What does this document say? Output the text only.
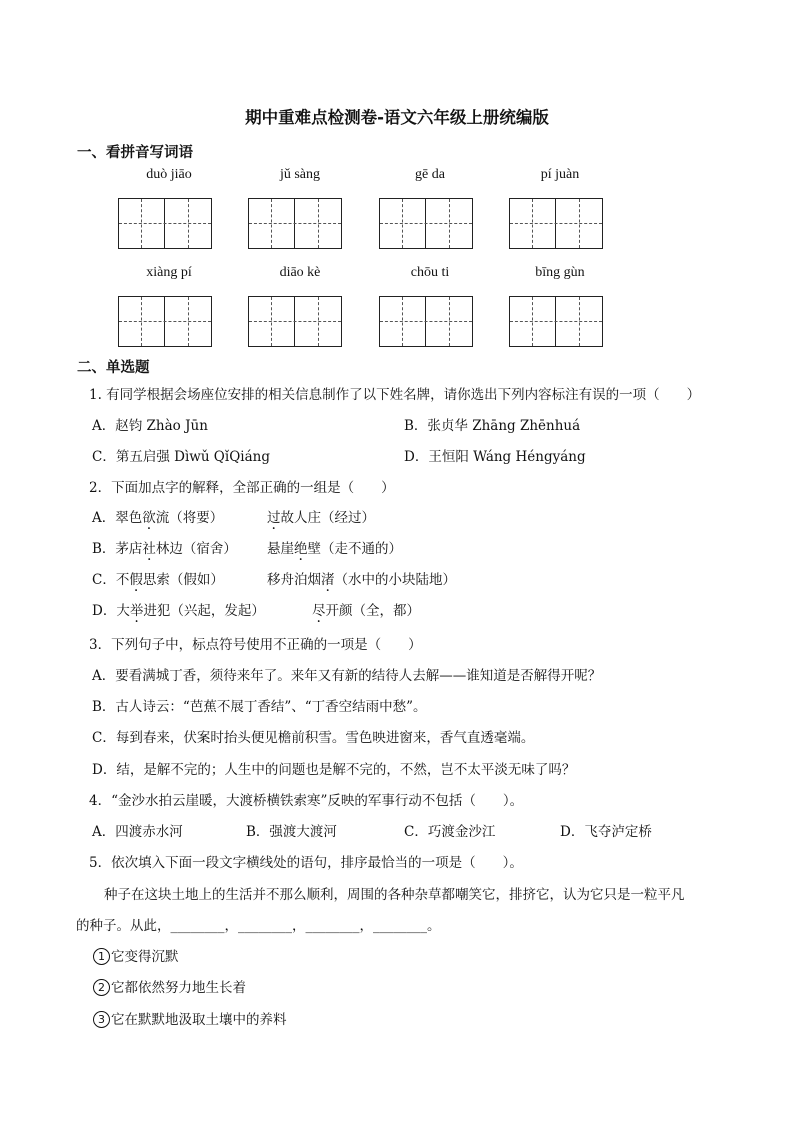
期中重难点检测卷-语文六年级上册统编版
一、看拼音写词语
duò jiāo	jǔ sàng	gē da	pí juàn
xiàng pí	diāo kè	chōu ti	bīng gùn
二、单选题
1. 有同学根据会场座位安排的相关信息制作了以下姓名牌，请你选出下列内容标注有误的一项（　　）
A．赵钧 Zhào Jūn	B．张贞华 Zhāng Zhēnhuá
C．第五启强 Dìwǔ QǐQiáng	D．王恒阳 Wáng Héngyáng
2．下面加点字的解释，全部正确的一组是（　　）
A．翠色欲流（将要）	过故人庄（经过）
B．茅店社林边（宿舍） 悬崖绝壁（走不通的）
C．不假思索（假如）	移舟泊烟渚（水中的小块陆地）
D．大举进犯（兴起，发起）	尽开颜（全，都）
3．下列句子中，标点符号使用不正确的一项是（　　）
A．要看满城丁香，须待来年了。来年又有新的结待人去解——谁知道是否解得开呢？
B．古人诗云：“芭蕉不展丁香结”、“丁香空结雨中愁”。
C．每到春来，伏案时抬头便见檐前积雪。雪色映进窗来，香气直透毫端。
D．结，是解不完的；人生中的问题也是解不完的，不然，岂不太平淡无味了吗？
4．“金沙水拍云崖暖，大渡桥横铁索寒”反映的军事行动不包括（　　）。
A．四渡赤水河	B．强渡大渡河	C．巧渡金沙江	D．飞夺泸定桥
5．依次填入下面一段文字横线处的语句，排序最恰当的一项是（　　）。
种子在这块土地上的生活并不那么顺利，周围的各种杂草都嘲笑它，排挤它，认为它只是一粒平凡
的种子。从此，________，________，________，________。
1 它变得沉默
2 它都依然努力地生长着
3 它在默默地汲取土壤中的养料
